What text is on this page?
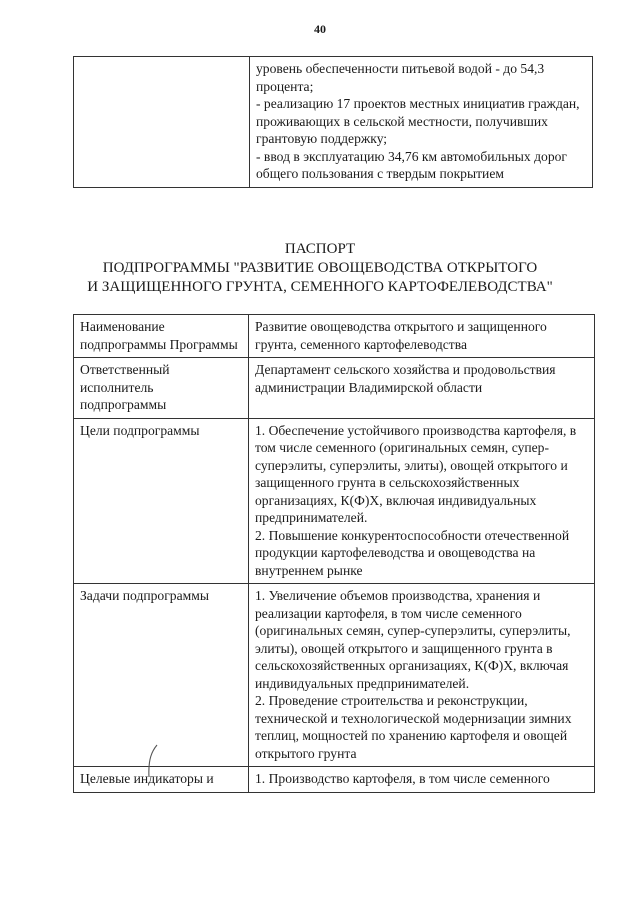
40

уровень обеспеченности питьевой водой - до 54,3 процента;
- реализацию 17 проектов местных инициатив граждан, проживающих в сельской местности, получивших грантовую поддержку;
- ввод в эксплуатацию 34,76 км автомобильных дорог общего пользования с твердым покрытием
ПАСПОРТ
ПОДПРОГРАММЫ "РАЗВИТИЕ ОВОЩЕВОДСТВА ОТКРЫТОГО
И ЗАЩИЩЕННОГО ГРУНТА, СЕМЕННОГО КАРТОФЕЛЕВОДСТВА"
Наименование подпрограммы Программы	Развитие овощеводства открытого и защищенного грунта, семенного картофелеводства

Ответственный исполнитель подпрограммы	Департамент сельского хозяйства и продовольствия администрации Владимирской области

Цели подпрограммы	1. Обеспечение устойчивого производства картофеля, в том числе семенного (оригинальных семян, супер-суперэлиты, суперэлиты, элиты), овощей открытого и защищенного грунта в сельскохозяйственных организациях, К(Ф)Х, включая индивидуальных предпринимателей.
2. Повышение конкурентоспособности отечественной продукции картофелеводства и овощеводства на внутреннем рынке

Задачи подпрограммы	1. Увеличение объемов производства, хранения и реализации картофеля, в том числе семенного (оригинальных семян, супер-суперэлиты, суперэлиты, элиты), овощей открытого и защищенного грунта в сельскохозяйственных организациях, К(Ф)Х, включая индивидуальных предпринимателей.
2. Проведение строительства и реконструкции, технической и технологической модернизации зимних теплиц, мощностей по хранению картофеля и овощей открытого грунта

Целевые индикаторы и	1. Производство картофеля, в том числе семенного
